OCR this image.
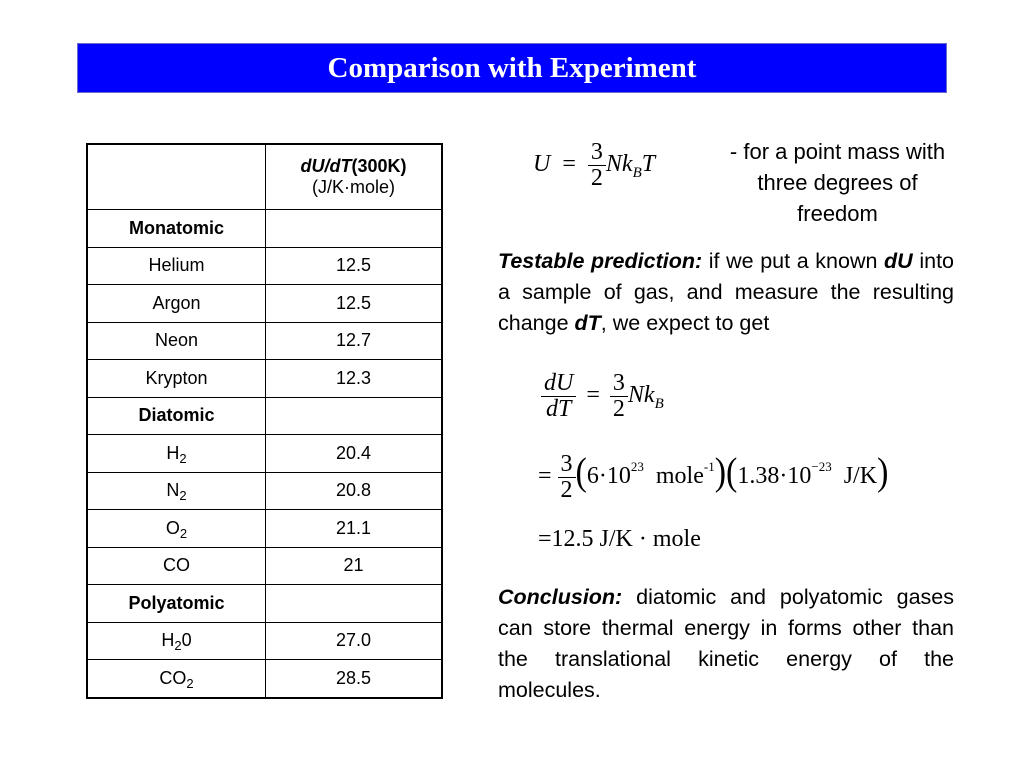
Comparison with Experiment

	dU/dT(300K)
(J/K·mole)

Monatomic	
Helium	12.5
Argon	12.5
Neon	12.7
Krypton	12.3
Diatomic	
$H_2$	20.4
$N_2$	20.8
$O_2$	21.1
CO	21
Polyatomic	
$H_20$	27.0
$CO_2$	28.5
$U = \frac{3}{2} Nk_BT$	- for a point mass with three degrees of freedom
Testable prediction: if we put a known dU into a sample of gas, and measure the resulting change dT, we expect to get
$\frac{dU}{dT} = \frac{3}{2} Nk_B$
= $\frac{3}{2} (6\cdot 10^{23}$ $mole^{-1})(1.38\cdot 10^{-23}$ J/K)
=12.5 J/K · mole
Conclusion: diatomic and polyatomic gases can store thermal energy in forms other than the translational kinetic energy of the molecules.
